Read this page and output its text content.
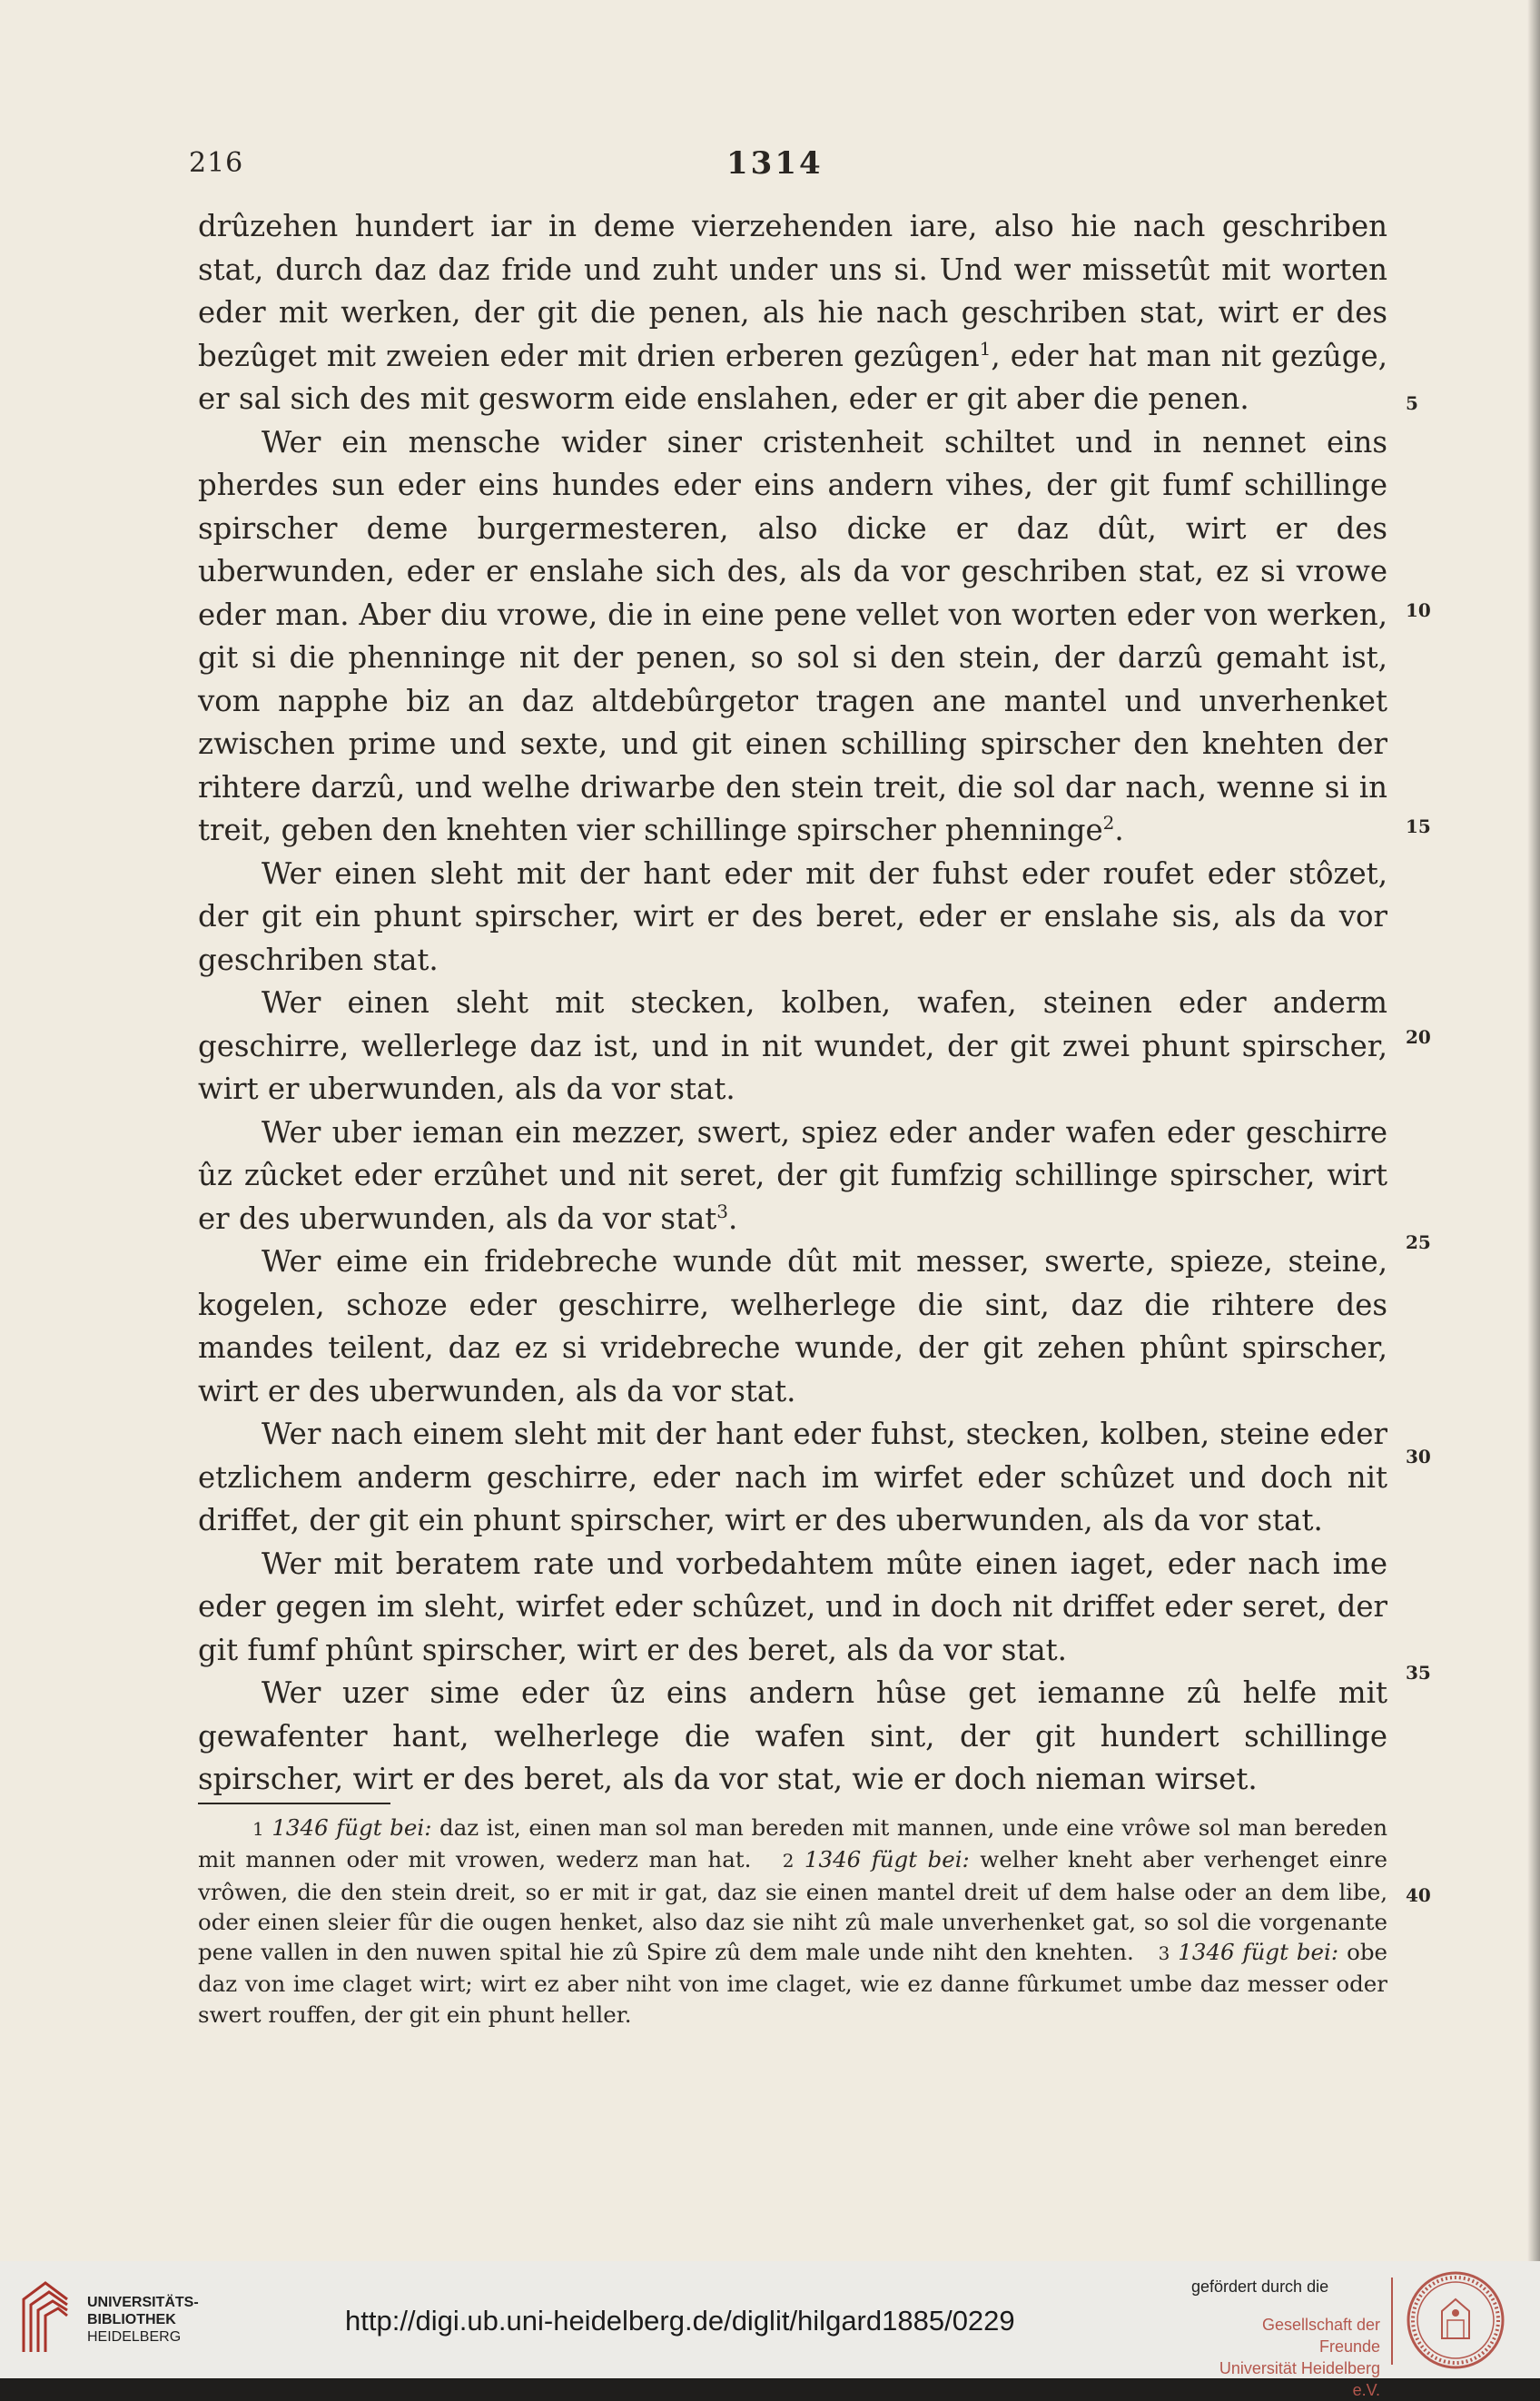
216	1314

drûzehen hundert iar in deme vierzehenden iare, also hie nach geschriben stat, durch daz daz fride und zuht under uns si. Und wer missetût mit worten eder mit werken, der git die penen, als hie nach geschriben stat, wirt er des bezûget mit zweien eder mit drien erberen gezûgen$^1$, eder hat man nit gezûge, er sal sich des mit gesworm eide enslahen, eder er git aber die penen.

Wer ein mensche wider siner cristenheit schiltet und in nennet eins pherdes sun eder eins hundes eder eins andern vihes, der git fumf schillinge spirscher deme burgermesteren, also dicke er daz dût, wirt er des uberwunden, eder er enslahe sich des, als da vor geschriben stat, ez si vrowe eder man. Aber diu vrowe, die in eine pene vellet von worten eder von werken, git si die phenninge nit der penen, so sol si den stein, der darzû gemaht ist, vom napphe biz an daz altdebûrgetor tragen ane mantel und unverhenket zwischen prime und sexte, und git einen schilling spirscher den knehten der rihtere darzû, und welhe driwarbe den stein treit, die sol dar nach, wenne si in treit, geben den knehten vier schillinge spirscher phenninge$^2$.

Wer einen sleht mit der hant eder mit der fuhst eder roufet eder stôzet, der git ein phunt spirscher, wirt er des beret, eder er enslahe sis, als da vor geschriben stat.

Wer einen sleht mit stecken, kolben, wafen, steinen eder anderm geschirre, wellerlege daz ist, und in nit wundet, der git zwei phunt spirscher, wirt er uberwunden, als da vor stat.

Wer uber ieman ein mezzer, swert, spiez eder ander wafen eder geschirre ûz zûcket eder erzûhet und nit seret, der git fumfzig schillinge spirscher, wirt er des uberwunden, als da vor stat$^3$.

Wer eime ein fridebreche wunde dût mit messer, swerte, spieze, steine, kogelen, schoze eder geschirre, welherlege die sint, daz die rihtere des mandes teilent, daz ez si vridebreche wunde, der git zehen phûnt spirscher, wirt er des uberwunden, als da vor stat.

Wer nach einem sleht mit der hant eder fuhst, stecken, kolben, steine eder etzlichem anderm geschirre, eder nach im wirfet eder schûzet und doch nit driffet, der git ein phunt spirscher, wirt er des uberwunden, als da vor stat.

Wer mit beratem rate und vorbedahtem mûte einen iaget, eder nach ime eder gegen im sleht, wirfet eder schûzet, und in doch nit driffet eder seret, der git fumf phûnt spirscher, wirt er des beret, als da vor stat.

Wer uzer sime eder ûz eins andern hûse get iemanne zû helfe mit gewafenter hant, welherlege die wafen sint, der git hundert schillinge spirscher, wirt er des beret, als da vor stat, wie er doch nieman wirset.

5
10
15
20
25
30
35
40

1 1346 fügt bei: daz ist, einen man sol man bereden mit mannen, unde eine vrôwe sol man bereden mit mannen oder mit vrowen, wederz man hat. 2 1346 fügt bei: welher kneht aber verhenget einre vrôwen, die den stein dreit, so er mit ir gat, daz sie einen mantel dreit uf dem halse oder an dem libe, oder einen sleier fûr die ougen henket, also daz sie niht zû male unverhenket gat, so sol die vorgenante pene vallen in den nuwen spital hie zû Spire zû dem male unde niht den knehten. 3 1346 fügt bei: obe daz von ime claget wirt; wirt ez aber niht von ime claget, wie ez danne fûrkumet umbe daz messer oder swert rouffen, der git ein phunt heller.

UNIVERSITÄTS-
BIBLIOTHEK
HEIDELBERG
http://digi.ub.uni-heidelberg.de/diglit/hilgard1885/0229
gefördert durch die
Gesellschaft der Freunde
Universität Heidelberg e.V.
